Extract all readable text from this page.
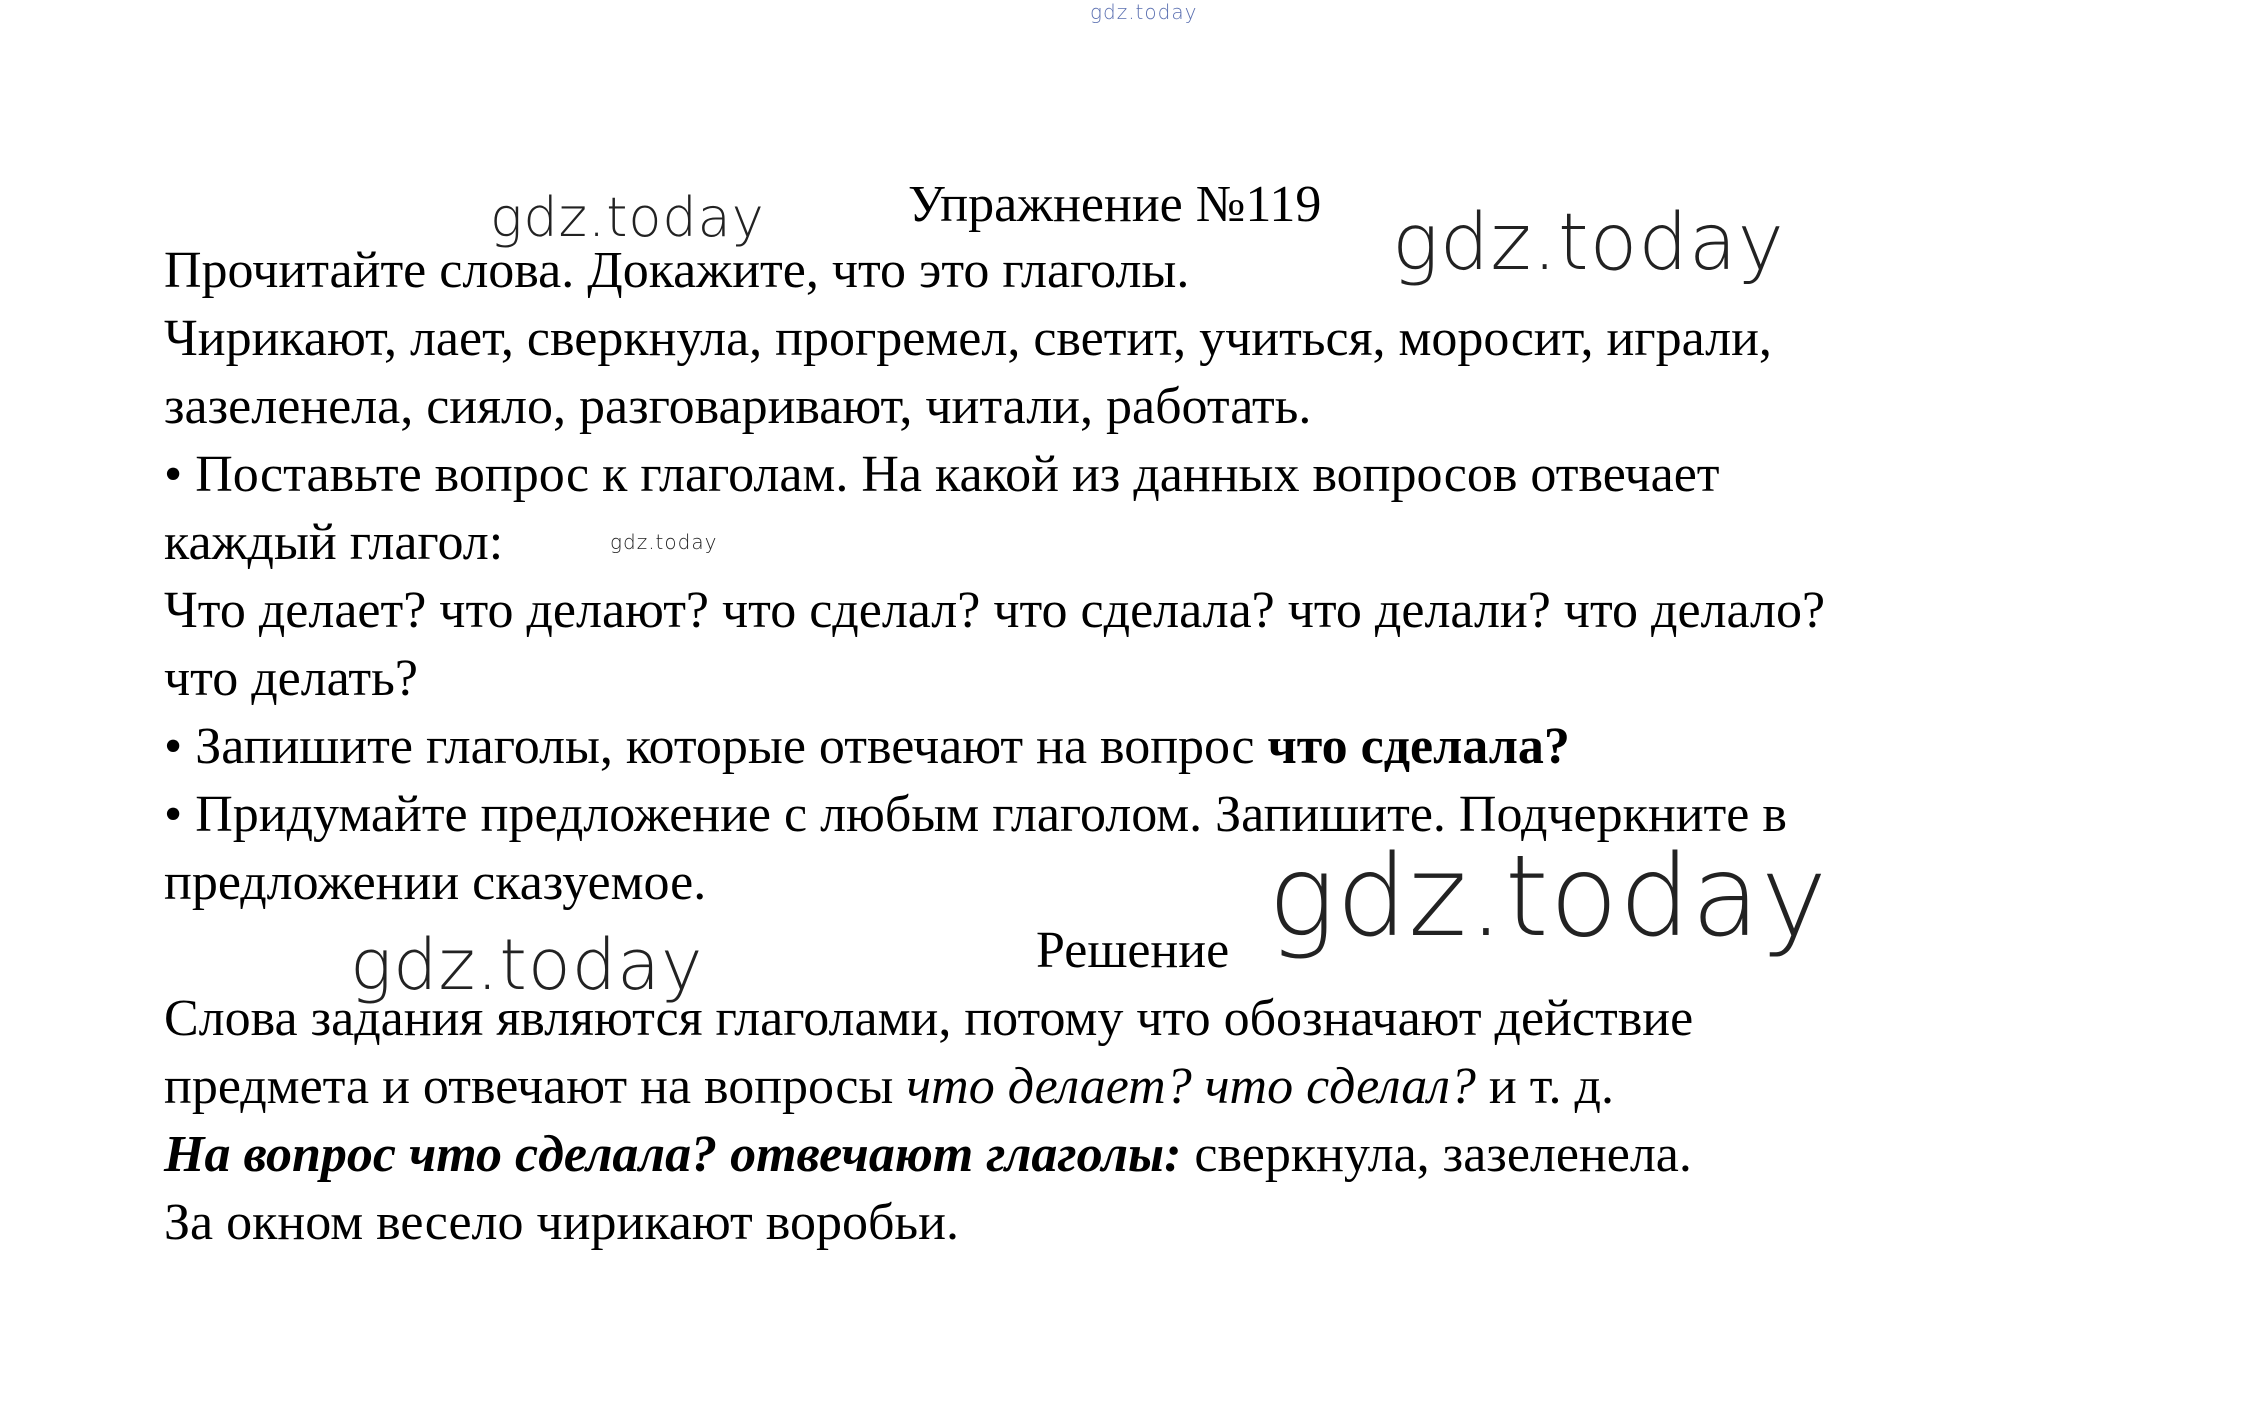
gdz.today
gdz.today	gdz.today
gdz.today
gdz.today
gdz.today
Упражнение №119
Прочитайте слова. Докажите, что это глаголы.
Чирикают, лает, сверкнула, прогремел, светит, учиться, моросит, играли,
зазеленела, сияло, разговаривают, читали, работать.
• Поставьте вопрос к глаголам. На какой из данных вопросов отвечает
каждый глагол:
Что делает? что делают? что сделал? что сделала? что делали? что делало?
что делать?
• Запишите глаголы, которые отвечают на вопрос что сделала?
• Придумайте предложение с любым глаголом. Запишите. Подчеркните в
предложении сказуемое.
Решение
Слова задания являются глаголами, потому что обозначают действие
предмета и отвечают на вопросы что делает? что сделал? и т. д.
На вопрос что сделала? отвечают глаголы: сверкнула, зазеленела.
За окном весело чирикают воробьи.
